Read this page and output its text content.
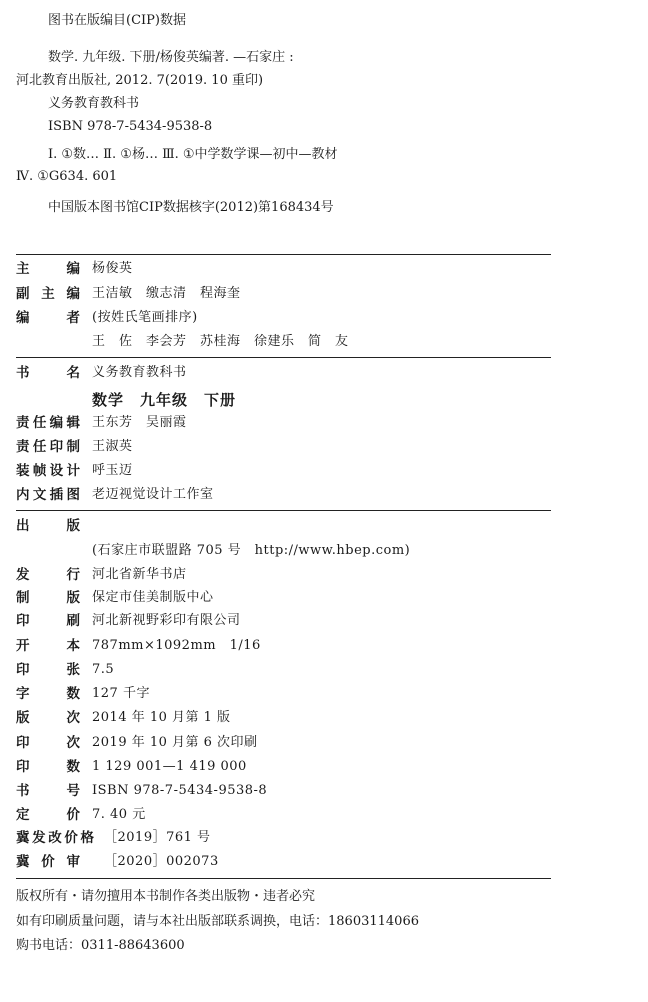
图书在版编目(CIP)数据
数学. 九年级. 下册/杨俊英编著. —石家庄 :
河北教育出版社, 2012. 7(2019. 10 重印)
义务教育教科书
ISBN 978-7-5434-9538-8
Ⅰ. ①数… Ⅱ. ①杨… Ⅲ. ①中学数学课—初中—教材
Ⅳ. ①G634. 601
中国版本图书馆CIP数据核字(2012)第168434号
主	编 杨俊英
副 主 编 王洁敏　缴志清　程海奎
编	者 (按姓氏笔画排序)
王　佐　李会芳　苏桂海　徐建乐　简　友
书	名 义务教育教科书
数学　九年级　下册
责 任 编 辑 王东芳　吴丽霞
责 任 印 制 王淑英
装 帧 设 计 呼玉迈
内 文 插 图 老迈视觉设计工作室
出	版
(石家庄市联盟路 705 号　http://www.hbep.com)
发	行 河北省新华书店
制	版 保定市佳美制版中心
印	刷 河北新视野彩印有限公司
开	本 787mm×1092mm　1/16
印	张 7.5
字	数 127 千字
版	次 2014 年 10 月第 1 版
印	次 2019 年 10 月第 6 次印刷
印	数 1 129 001—1 419 000
书	号 ISBN 978-7-5434-9538-8
定	价 7. 40 元
冀 发 改 价 格 ［2019］761 号
冀 价 审 ［2020］002073
版权所有・请勿擅用本书制作各类出版物・违者必究
如有印刷质量问题，请与本社出版部联系调换，电话：18603114066
购书电话：0311-88643600
